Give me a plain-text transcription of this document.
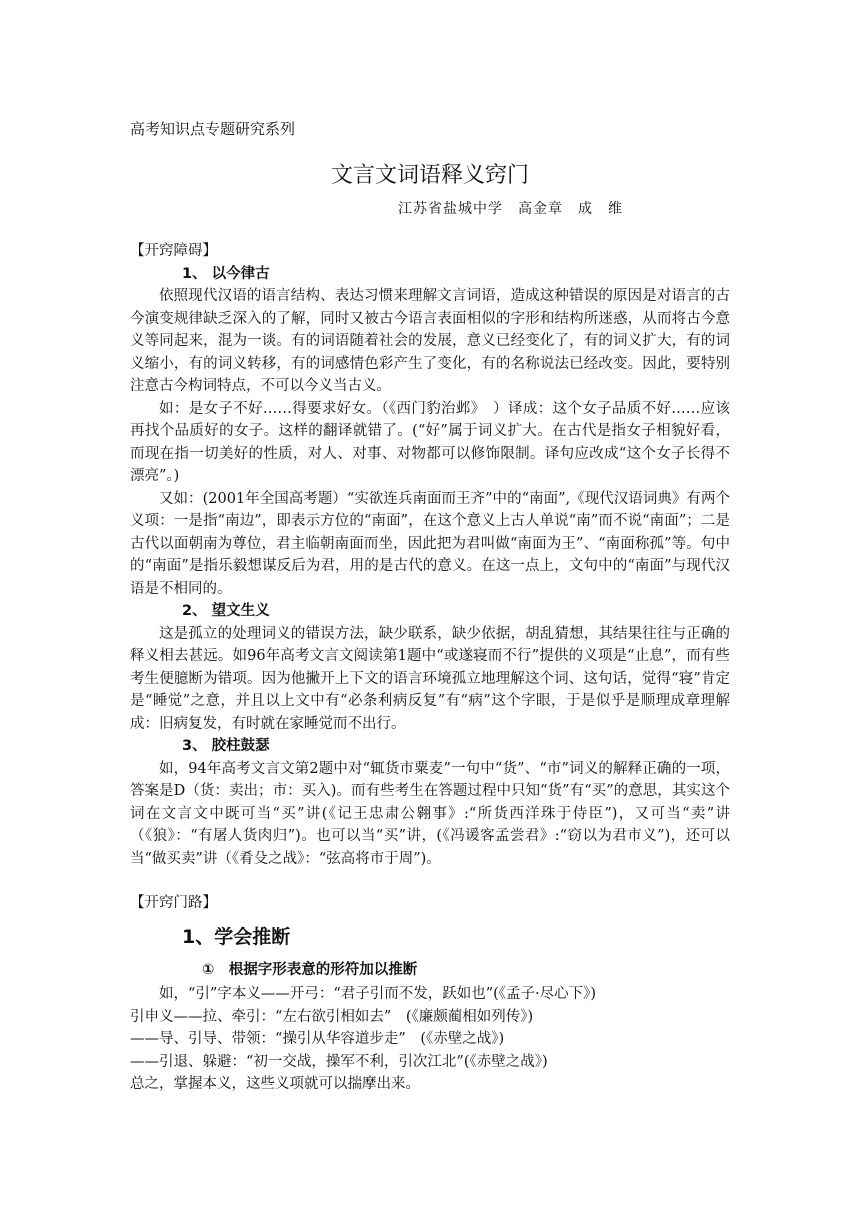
高考知识点专题研究系列
文言文词语释义窍门
江苏省盐城中学　高金章　成　维
【开窍障碍】
1、 以今律古

依照现代汉语的语言结构、表达习惯来理解文言词语，造成这种错误的原因是对语言的古今演变规律缺乏深入的了解，同时又被古今语言表面相似的字形和结构所迷惑，从而将古今意义等同起来，混为一谈。有的词语随着社会的发展，意义已经变化了，有的词义扩大，有的词义缩小，有的词义转移，有的词感情色彩产生了变化，有的名称说法已经改变。因此，要特别注意古今构词特点，不可以今义当古义。

如：是女子不好……得要求好女。（《西门豹治邺》　）译成：这个女子品质不好……应该再找个品质好的女子。这样的翻译就错了。(“好”属于词义扩大。在古代是指女子相貌好看，而现在指一切美好的性质，对人、对事、对物都可以修饰限制。译句应改成“这个女子长得不漂亮”。)

又如：(2001年全国高考题）“实欲连兵南面而王齐”中的“南面”,《现代汉语词典》有两个义项：一是指“南边”，即表示方位的“南面”，在这个意义上古人单说“南”而不说“南面”；二是古代以面朝南为尊位，君主临朝南面而坐，因此把为君叫做“南面为王”、“南面称孤”等。句中的“南面”是指乐毅想谋反后为君，用的是古代的意义。在这一点上，文句中的“南面”与现代汉语是不相同的。

2、 望文生义

这是孤立的处理词义的错误方法，缺少联系，缺少依据，胡乱猜想，其结果往往与正确的释义相去甚远。如96年高考文言文阅读第1题中“或遂寝而不行”提供的义项是“止息”，而有些考生便臆断为错项。因为他撇开上下文的语言环境孤立地理解这个词、这句话，觉得“寝”肯定是“睡觉”之意，并且以上文中有“必条利病反复”有“病”这个字眼，于是似乎是顺理成章理解成：旧病复发，有时就在家睡觉而不出行。

3、 胶柱鼓瑟

如，94年高考文言文第2题中对“辄货市粟麦”一句中“货”、“市”词义的解释正确的一项，答案是D（货：卖出；市：买入)。而有些考生在答题过程中只知“货”有“买”的意思，其实这个词在文言文中既可当“买”讲(《记王忠肃公翱事》:“所货西洋珠于侍臣”)，又可当“卖”讲（《狼》：“有屠人货肉归”)。也可以当“买”讲，(《冯谖客孟尝君》:“窃以为君市义”)，还可以当“做买卖”讲（《肴殳之战》：“弦高将市于周”)。

【开窍门路】
1、学会推断
①　根据字形表意的形符加以推断
如，“引”字本义——开弓：“君子引而不发，跃如也”(《孟子·尽心下》)
引申义——拉、牵引：“左右欲引相如去”　(《廉颇蔺相如列传》)
——导、引导、带领：“操引从华容道步走”　(《赤壁之战》)
——引退、躲避：“初一交战，操军不利，引次江北”(《赤壁之战》)
总之，掌握本义，这些义项就可以揣摩出来。
